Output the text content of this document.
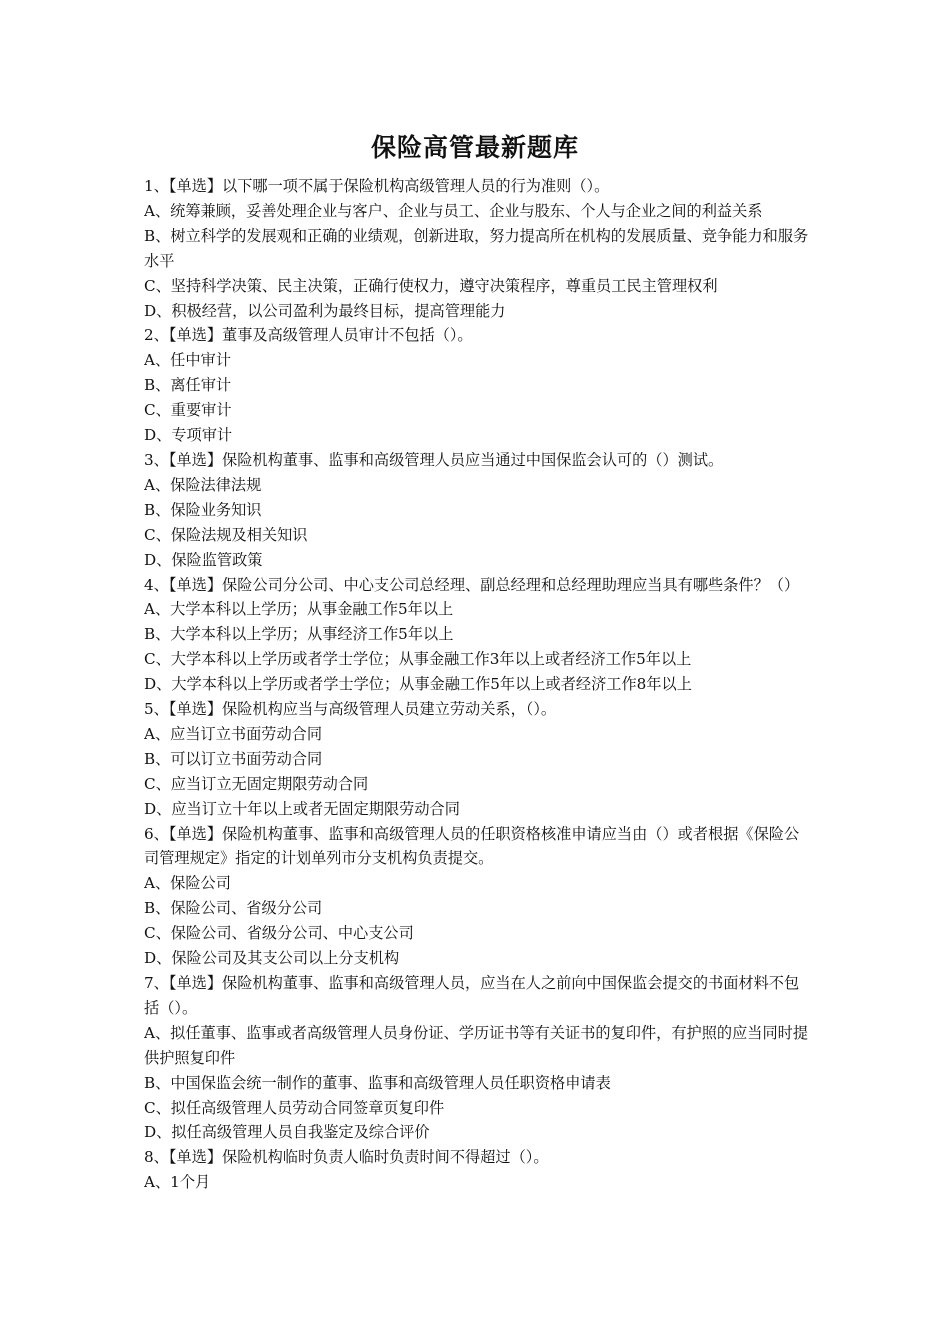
保险高管最新题库
1、【单选】以下哪一项不属于保险机构高级管理人员的行为准则（）。
A、统筹兼顾，妥善处理企业与客户、企业与员工、企业与股东、个人与企业之间的利益关系
B、树立科学的发展观和正确的业绩观，创新进取，努力提高所在机构的发展质量、竞争能力和服务水平
C、坚持科学决策、民主决策，正确行使权力，遵守决策程序，尊重员工民主管理权利
D、积极经营，以公司盈利为最终目标，提高管理能力
2、【单选】董事及高级管理人员审计不包括（）。
A、任中审计
B、离任审计
C、重要审计
D、专项审计
3、【单选】保险机构董事、监事和高级管理人员应当通过中国保监会认可的（）测试。
A、保险法律法规
B、保险业务知识
C、保险法规及相关知识
D、保险监管政策
4、【单选】保险公司分公司、中心支公司总经理、副总经理和总经理助理应当具有哪些条件？（）
A、大学本科以上学历；从事金融工作5年以上
B、大学本科以上学历；从事经济工作5年以上
C、大学本科以上学历或者学士学位；从事金融工作3年以上或者经济工作5年以上
D、大学本科以上学历或者学士学位；从事金融工作5年以上或者经济工作8年以上
5、【单选】保险机构应当与高级管理人员建立劳动关系，（）。
A、应当订立书面劳动合同
B、可以订立书面劳动合同
C、应当订立无固定期限劳动合同
D、应当订立十年以上或者无固定期限劳动合同
6、【单选】保险机构董事、监事和高级管理人员的任职资格核准申请应当由（）或者根据《保险公司管理规定》指定的计划单列市分支机构负责提交。
A、保险公司
B、保险公司、省级分公司
C、保险公司、省级分公司、中心支公司
D、保险公司及其支公司以上分支机构
7、【单选】保险机构董事、监事和高级管理人员，应当在人之前向中国保监会提交的书面材料不包括（）。
A、拟任董事、监事或者高级管理人员身份证、学历证书等有关证书的复印件，有护照的应当同时提供护照复印件
B、中国保监会统一制作的董事、监事和高级管理人员任职资格申请表
C、拟任高级管理人员劳动合同签章页复印件
D、拟任高级管理人员自我鉴定及综合评价
8、【单选】保险机构临时负责人临时负责时间不得超过（）。
A、1个月
